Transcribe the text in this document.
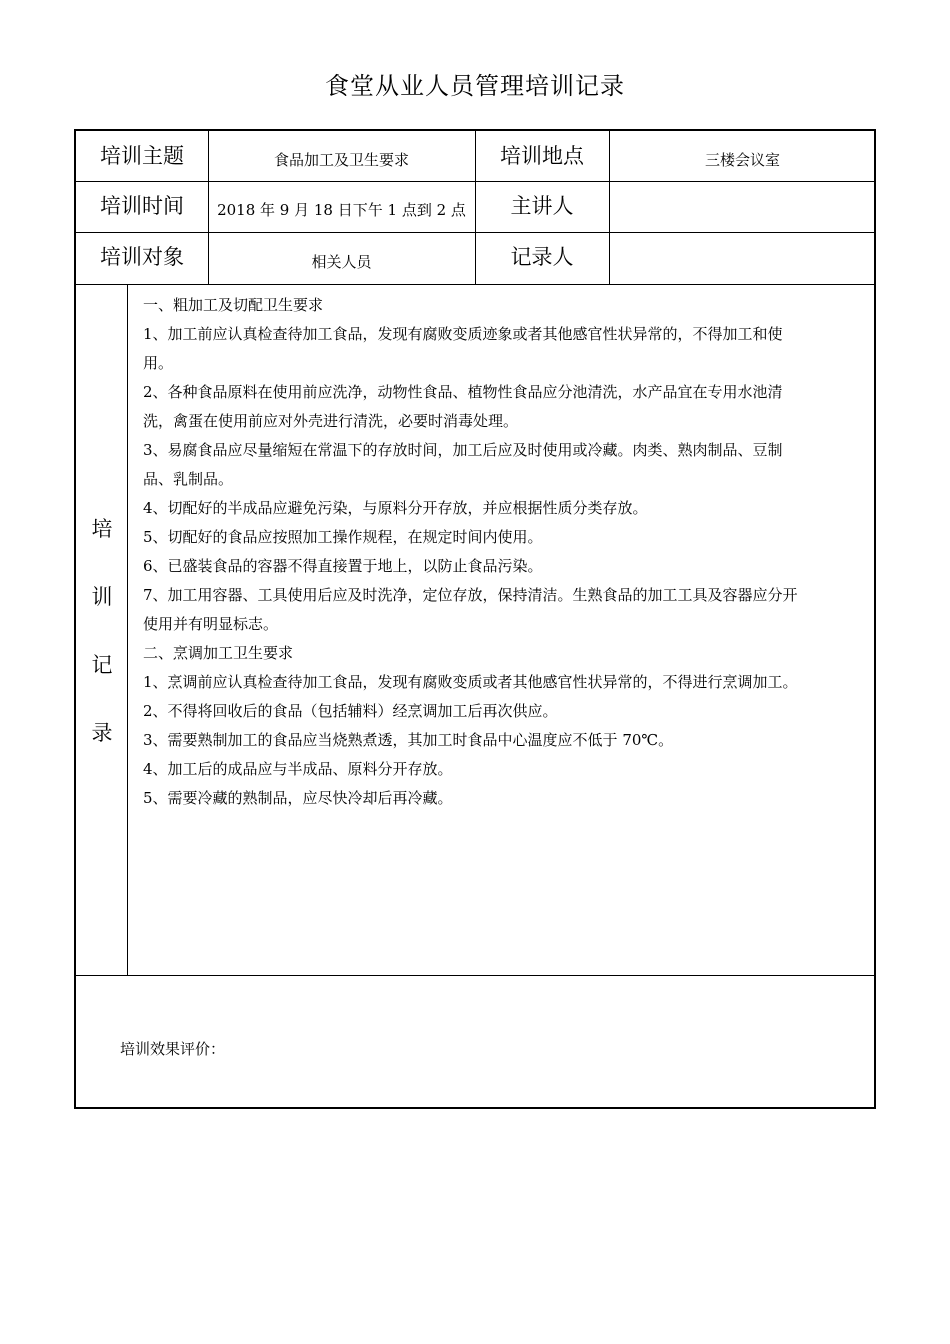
食堂从业人员管理培训记录
培训主题	食品加工及卫生要求	培训地点	三楼会议室
培训时间	2018 年 9 月 18 日下午 1 点到 2 点	主讲人
培训对象	相关人员	记录人
培
训
记
录
一、粗加工及切配卫生要求
1、加工前应认真检查待加工食品，发现有腐败变质迹象或者其他感官性状异常的，不得加工和使
用。
2、各种食品原料在使用前应洗净，动物性食品、植物性食品应分池清洗，水产品宜在专用水池清
洗，禽蛋在使用前应对外壳进行清洗，必要时消毒处理。
3、易腐食品应尽量缩短在常温下的存放时间，加工后应及时使用或冷藏。肉类、熟肉制品、豆制
品、乳制品。
4、切配好的半成品应避免污染，与原料分开存放，并应根据性质分类存放。
5、切配好的食品应按照加工操作规程，在规定时间内使用。
6、已盛装食品的容器不得直接置于地上，以防止食品污染。
7、加工用容器、工具使用后应及时洗净，定位存放，保持清洁。生熟食品的加工工具及容器应分开
使用并有明显标志。
二、烹调加工卫生要求
1、烹调前应认真检查待加工食品，发现有腐败变质或者其他感官性状异常的，不得进行烹调加工。
2、不得将回收后的食品（包括辅料）经烹调加工后再次供应。
3、需要熟制加工的食品应当烧熟煮透，其加工时食品中心温度应不低于 70℃。
4、加工后的成品应与半成品、原料分开存放。
5、需要冷藏的熟制品，应尽快冷却后再冷藏。
培训效果评价：
